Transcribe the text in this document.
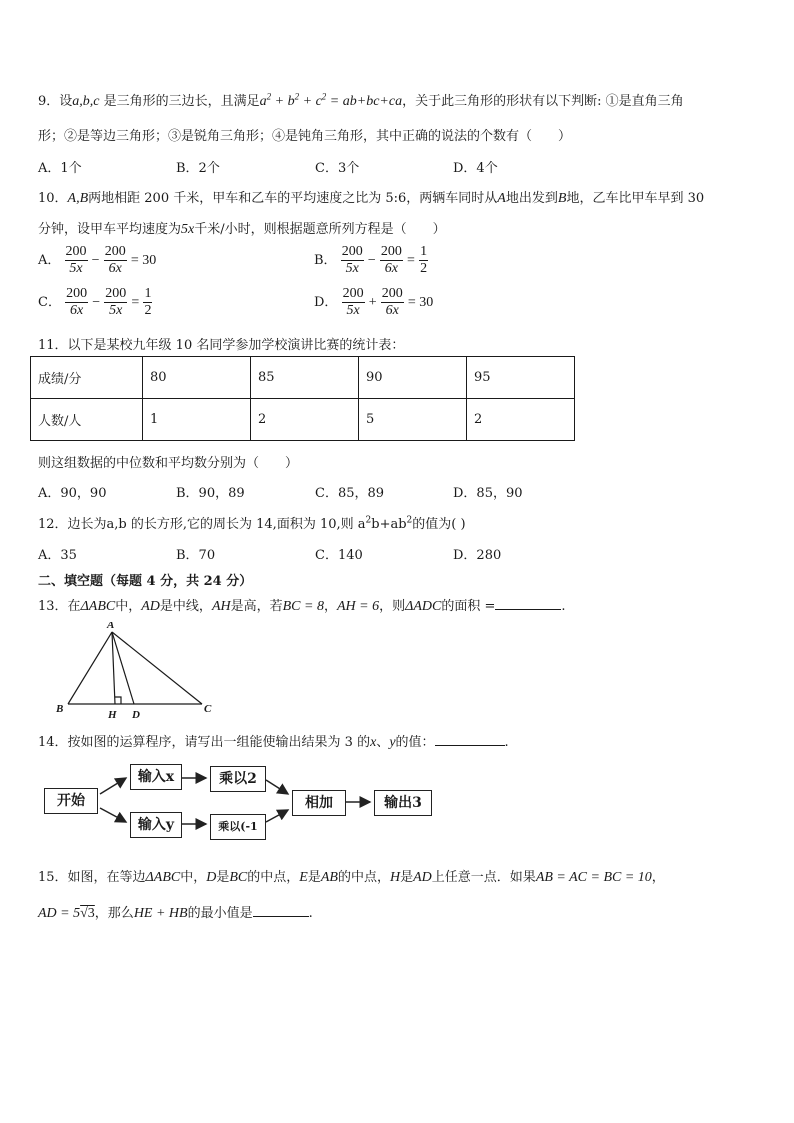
9．设a,b,c 是三角形的三边长，且满足$a^2 + b^2 + c^2 = ab+bc+ca$，关于此三角形的形状有以下判断: ①是直角三角
形；②是等边三角形；③是锐角三角形；④是钝角三角形，其中正确的说法的个数有（　　）
A．1个	B．2个	C．3个	D．4个
10．A,B两地相距 200 千米，甲车和乙车的平均速度之比为 5:6，两辆车同时从A地出发到B地，乙车比甲车早到 30
分钟，设甲车平均速度为5x千米/小时，则根据题意所列方程是（　　）
A． $\frac{200}{5x} - \frac{200}{6x} = 30$	B． $\frac{200}{5x} - \frac{200}{6x} = \frac{1}{2}$
C． $\frac{200}{6x} - \frac{200}{5x} = \frac{1}{2}$	D． $\frac{200}{5x} + \frac{200}{6x} = 30$
11．以下是某校九年级 10 名同学参加学校演讲比赛的统计表：
成绩/分	80	85	90	95
人数/人	1	2	5	2
则这组数据的中位数和平均数分别为（　　）
A．90，90	B．90，89	C．85，89	D．85，90
12．边长为a,b 的长方形,它的周长为 14,面积为 10,则 $a^2b+ab^2$的值为( )
A．35	B．70	C．140	D．280
二、填空题（每题 4 分，共 24 分）
13．在ΔABC中，AD是中线，AH是高，若BC = 8，AH = 6，则ΔADC的面积 =	.
A
B	C
H D
14．按如图的运算程序，请写出一组能使输出结果为 3 的x、y的值：	.
开始
输入x
输入y
乘以2
乘以(-1
相加	输出3
15．如图，在等边ΔABC中，D是BC的中点，E是AB的中点，H是AD上任意一点．如果AB = AC = BC = 10，
AD = 5√3，那么HE + HB的最小值是	.
